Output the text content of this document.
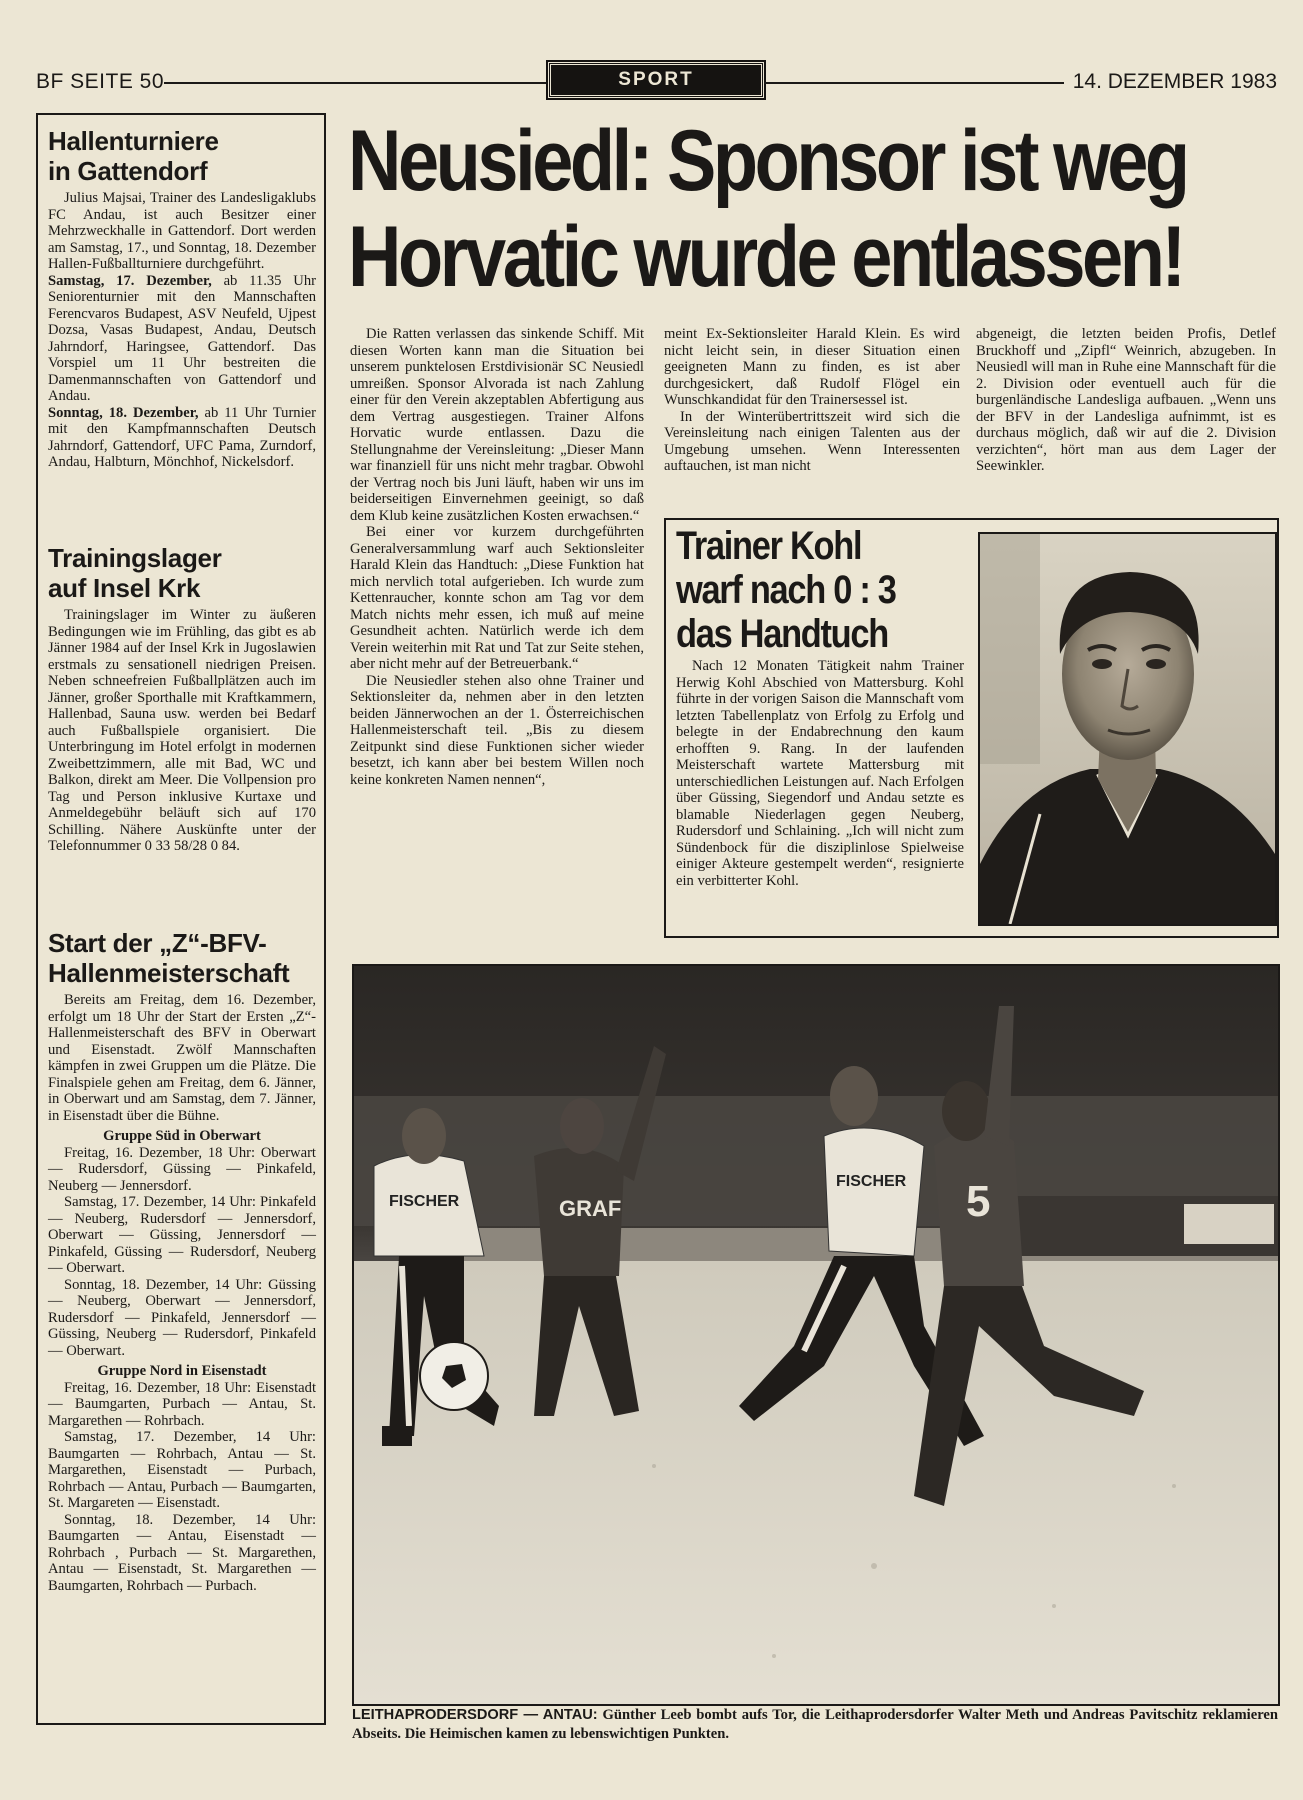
BF SEITE 50	SPORT	14. DEZEMBER 1983
Hallenturniere in Gattendorf

Julius Majsai, Trainer des Landesligaklubs FC Andau, ist auch Besitzer einer Mehrzweckhalle in Gattendorf. Dort werden am Samstag, 17., und Sonntag, 18. Dezember Hallen-Fußballturniere durchgeführt.

Samstag, 17. Dezember, ab 11.35 Uhr Seniorenturnier mit den Mannschaften Ferencvaros Budapest, ASV Neufeld, Ujpest Dozsa, Vasas Budapest, Andau, Deutsch Jahrndorf, Haringsee, Gattendorf. Das Vorspiel um 11 Uhr bestreiten die Damenmannschaften von Gattendorf und Andau.

Sonntag, 18. Dezember, ab 11 Uhr Turnier mit den Kampfmannschaften Deutsch Jahrndorf, Gattendorf, UFC Pama, Zurndorf, Andau, Halbturn, Mönchhof, Nickelsdorf.

Trainingslager auf Insel Krk

Trainingslager im Winter zu äußeren Bedingungen wie im Frühling, das gibt es ab Jänner 1984 auf der Insel Krk in Jugoslawien erstmals zu sensationell niedrigen Preisen. Neben schneefreien Fußballplätzen auch im Jänner, großer Sporthalle mit Kraftkammern, Hallenbad, Sauna usw. werden bei Bedarf auch Fußballspiele organisiert. Die Unterbringung im Hotel erfolgt in modernen Zweibettzimmern, alle mit Bad, WC und Balkon, direkt am Meer. Die Vollpension pro Tag und Person inklusive Kurtaxe und Anmeldegebühr beläuft sich auf 170 Schilling. Nähere Auskünfte unter der Telefonnummer 0 33 58/28 0 84.

Start der „Z“-BFV-Hallenmeisterschaft

Bereits am Freitag, dem 16. Dezember, erfolgt um 18 Uhr der Start der Ersten „Z“-Hallenmeisterschaft des BFV in Oberwart und Eisenstadt. Zwölf Mannschaften kämpfen in zwei Gruppen um die Plätze. Die Finalspiele gehen am Freitag, dem 6. Jänner, in Oberwart und am Samstag, dem 7. Jänner, in Eisenstadt über die Bühne.

Gruppe Süd in Oberwart

Freitag, 16. Dezember, 18 Uhr: Oberwart — Rudersdorf, Güssing — Pinkafeld, Neuberg — Jennersdorf.

Samstag, 17. Dezember, 14 Uhr: Pinkafeld — Neuberg, Rudersdorf — Jennersdorf, Oberwart — Güssing, Jennersdorf — Pinkafeld, Güssing — Rudersdorf, Neuberg — Oberwart.

Sonntag, 18. Dezember, 14 Uhr: Güssing — Neuberg, Oberwart — Jennersdorf, Rudersdorf — Pinkafeld, Jennersdorf — Güssing, Neuberg — Rudersdorf, Pinkafeld — Oberwart.

Gruppe Nord in Eisenstadt

Freitag, 16. Dezember, 18 Uhr: Eisenstadt — Baumgarten, Purbach — Antau, St. Margarethen — Rohrbach.

Samstag, 17. Dezember, 14 Uhr: Baumgarten — Rohrbach, Antau — St. Margarethen, Eisenstadt — Purbach, Rohrbach — Antau, Purbach — Baumgarten, St. Margareten — Eisenstadt.

Sonntag, 18. Dezember, 14 Uhr: Baumgarten — Antau, Eisenstadt — Rohrbach , Purbach — St. Margarethen, Antau — Eisenstadt, St. Margarethen — Baumgarten, Rohrbach — Purbach.

Neusiedl: Sponsor ist weg
Horvatic wurde entlassen!

Die Ratten verlassen das sinkende Schiff. Mit diesen Worten kann man die Situation bei unserem punktelosen Erstdivisionär SC Neusiedl umreißen. Sponsor Alvorada ist nach Zahlung einer für den Verein akzeptablen Abfertigung aus dem Vertrag ausgestiegen. Trainer Alfons Horvatic wurde entlassen. Dazu die Stellungnahme der Vereinsleitung: „Dieser Mann war finanziell für uns nicht mehr tragbar. Obwohl der Vertrag noch bis Juni läuft, haben wir uns im beiderseitigen Einvernehmen geeinigt, so daß dem Klub keine zusätzlichen Kosten erwachsen.“

Bei einer vor kurzem durchgeführten Generalversammlung warf auch Sektionsleiter Harald Klein das Handtuch: „Diese Funktion hat mich nervlich total aufgerieben. Ich wurde zum Kettenraucher, konnte schon am Tag vor dem Match nichts mehr essen, ich muß auf meine Gesundheit achten. Natürlich werde ich dem Verein weiterhin mit Rat und Tat zur Seite stehen, aber nicht mehr auf der Betreuerbank.“

Die Neusiedler stehen also ohne Trainer und Sektionsleiter da, nehmen aber in den letzten beiden Jännerwochen an der 1. Österreichischen Hallenmeisterschaft teil. „Bis zu diesem Zeitpunkt sind diese Funktionen sicher wieder besetzt, ich kann aber bei bestem Willen noch keine konkreten Namen nennen“,

meint Ex-Sektionsleiter Harald Klein. Es wird nicht leicht sein, in dieser Situation einen geeigneten Mann zu finden, es ist aber durchgesickert, daß Rudolf Flögel ein Wunschkandidat für den Trainersessel ist.

In der Winterübertrittszeit wird sich die Vereinsleitung nach einigen Talenten aus der Umgebung umsehen. Wenn Interessenten auftauchen, ist man nicht

abgeneigt, die letzten beiden Profis, Detlef Bruckhoff und „Zipfl“ Weinrich, abzugeben. In Neusiedl will man in Ruhe eine Mannschaft für die 2. Division oder eventuell auch für die burgenländische Landesliga aufbauen. „Wenn uns der BFV in der Landesliga aufnimmt, ist es durchaus möglich, daß wir auf die 2. Division verzichten“, hört man aus dem Lager der Seewinkler.

Trainer Kohl warf nach 0 : 3 das Handtuch

Nach 12 Monaten Tätigkeit nahm Trainer Herwig Kohl Abschied von Mattersburg. Kohl führte in der vorigen Saison die Mannschaft vom letzten Tabellenplatz von Erfolg zu Erfolg und belegte in der Endabrechnung den kaum erhofften 9. Rang. In der laufenden Meisterschaft wartete Mattersburg mit unterschiedlichen Leistungen auf. Nach Erfolgen über Güssing, Siegendorf und Andau setzte es blamable Niederlagen gegen Neuberg, Rudersdorf und Schlaining. „Ich will nicht zum Sündenbock für die disziplinlose Spielweise einiger Akteure gestempelt werden“, resignierte ein verbitterter Kohl.

FISCHER	GRAF
FISCHER 5
LEITHAPRODERSDORF — ANTAU: Günther Leeb bombt aufs Tor, die Leithaprodersdorfer Walter Meth und Andreas Pavitschitz reklamieren Abseits. Die Heimischen kamen zu lebenswichtigen Punkten.
